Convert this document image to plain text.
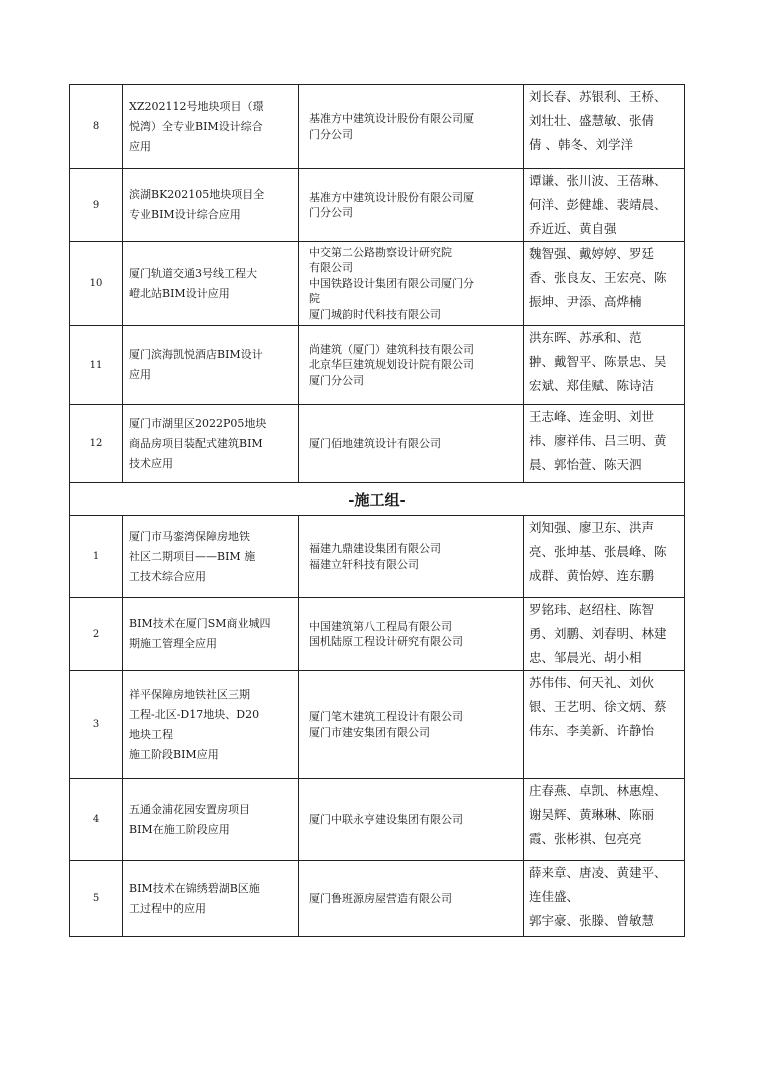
8	XZ202112号地块项目（璟
悦湾）全专业BIM设计综合
应用	基准方中建筑设计股份有限公司厦
门分公司	刘长春、苏银利、王桥、
刘壮壮、盛慧敏、张倩
倩 、韩冬、刘学洋

9	滨湖BK202105地块项目全
专业BIM设计综合应用	基准方中建筑设计股份有限公司厦
门分公司	谭谦、张川波、王蓓琳、
何洋、彭健雄、裴靖晨、
乔近近、黄自强

10	厦门轨道交通3号线工程大
嶝北站BIM设计应用	中交第二公路勘察设计研究院
有限公司
中国铁路设计集团有限公司厦门分
院
厦门城韵时代科技有限公司	魏智强、戴婷婷、罗廷
香、张良友、王宏亮、陈
振坤、尹添、高烨楠

11	厦门滨海凯悦酒店BIM设计
应用	尚建筑（厦门）建筑科技有限公司
北京华巨建筑规划设计院有限公司
厦门分公司	洪东晖、苏承和、范
翀、戴智平、陈景忠、吴
宏斌、郑佳赋、陈诗洁

12	厦门市湖里区2022P05地块
商品房项目装配式建筑BIM
技术应用	厦门佰地建筑设计有限公司	王志峰、连金明、刘世
祎、廖祥伟、吕三明、黄
晨、郭怡萱、陈天泗

-施工组-			
1	厦门市马銮湾保障房地铁
社区二期项目——BIM 施
工技术综合应用	福建九鼎建设集团有限公司
福建立轩科技有限公司	刘知强、廖卫东、洪声
亮、张坤基、张晨峰、陈
成群、黄怡婷、连东鹏

2	BIM技术在厦门SM商业城四
期施工管理全应用	中国建筑第八工程局有限公司
国机陆原工程设计研究有限公司	罗铭玮、赵绍柱、陈智
勇、刘鹏、刘春明、林建
忠、邹晨光、胡小相

3	祥平保障房地铁社区三期
工程-北区-D17地块、D20
地块工程
施工阶段BIM应用	厦门笔木建筑工程设计有限公司
厦门市建安集团有限公司	苏伟伟、何天礼、刘伙
银、王艺明、徐文炳、蔡
伟东、李美新、许静怡

4	五通金浦花园安置房项目
BIM在施工阶段应用	厦门中联永亨建设集团有限公司	庄春燕、卓凯、林惠煌、
谢吴辉、黄琳琳、陈丽
霞、张彬祺、包亮亮

5	BIM技术在锦绣碧湖B区施
工过程中的应用	厦门鲁班源房屋营造有限公司	薛来章、唐凌、黄建平、
连佳盛、
郭宇豪、张滕、曾敏慧
